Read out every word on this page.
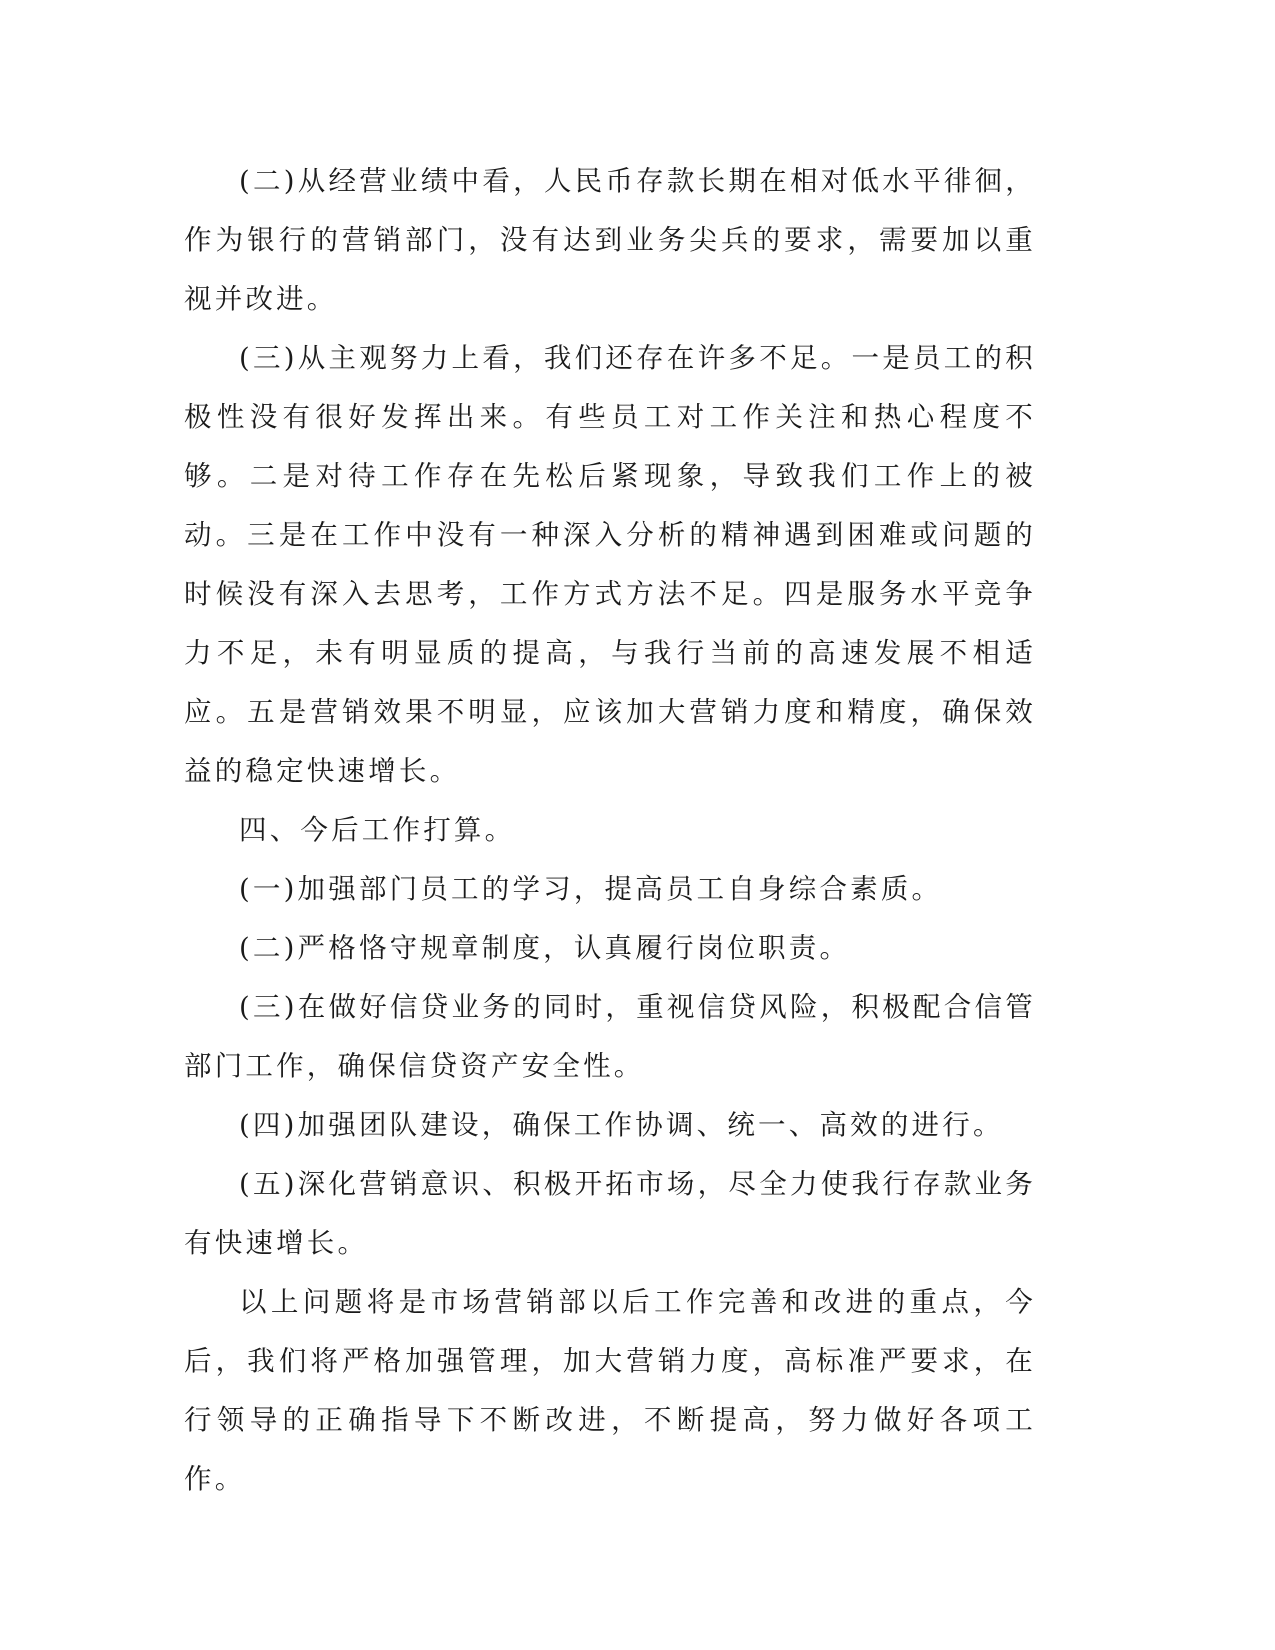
(二)从经营业绩中看，人民币存款长期在相对低水平徘徊，作为银行的营销部门，没有达到业务尖兵的要求，需要加以重视并改进。

(三)从主观努力上看，我们还存在许多不足。一是员工的积极性没有很好发挥出来。有些员工对工作关注和热心程度不够。二是对待工作存在先松后紧现象，导致我们工作上的被动。三是在工作中没有一种深入分析的精神遇到困难或问题的时候没有深入去思考，工作方式方法不足。四是服务水平竞争力不足，未有明显质的提高，与我行当前的高速发展不相适应。五是营销效果不明显，应该加大营销力度和精度，确保效益的稳定快速增长。

四、今后工作打算。

(一)加强部门员工的学习，提高员工自身综合素质。

(二)严格恪守规章制度，认真履行岗位职责。

(三)在做好信贷业务的同时，重视信贷风险，积极配合信管部门工作，确保信贷资产安全性。

(四)加强团队建设，确保工作协调、统一、高效的进行。

(五)深化营销意识、积极开拓市场，尽全力使我行存款业务有快速增长。

以上问题将是市场营销部以后工作完善和改进的重点，今后，我们将严格加强管理，加大营销力度，高标准严要求，在行领导的正确指导下不断改进，不断提高，努力做好各项工作。
